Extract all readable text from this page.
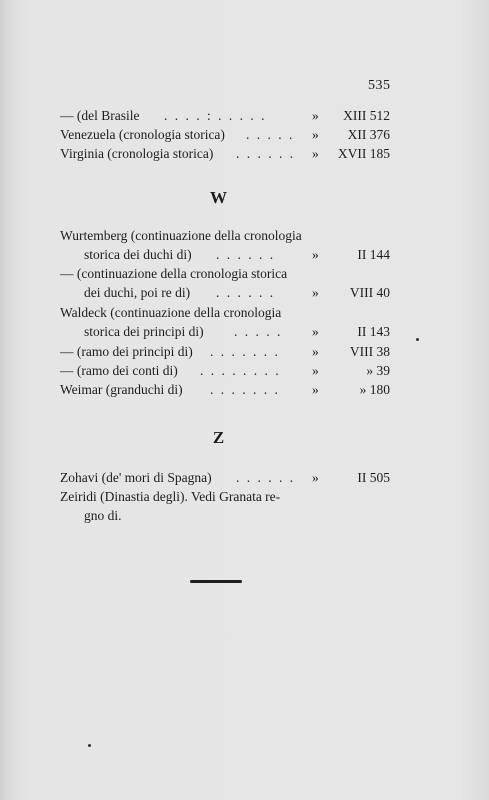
535
— (del Brasile . . . . : . . . . .	» XIII 512
Venezuela (cronologia storica) . . . . . » XII 376
Virginia (cronologia storica) . . . . . . » XVII 185
W
Wurtemberg (continuazione della cronologia
storica dei duchi di) . . . . . .	»	II 144
— (continuazione della cronologia storica
dei duchi, poi re di) . . . . . .	» VIII 40
Waldeck (continuazione della cronologia
storica dei principi di) . . . . . »	II 143
— (ramo dei principi di) . . . . . . . » VIII 38
— (ramo dei conti di) . . . . . . . . »	» 39
Weimar (granduchi di) . . . . . . . »	» 180
Z
Zohavi (de' mori di Spagna) . . . . . . »	II 505
Zeiridi (Dinastia degli). Vedi Granata re-
gno di.
